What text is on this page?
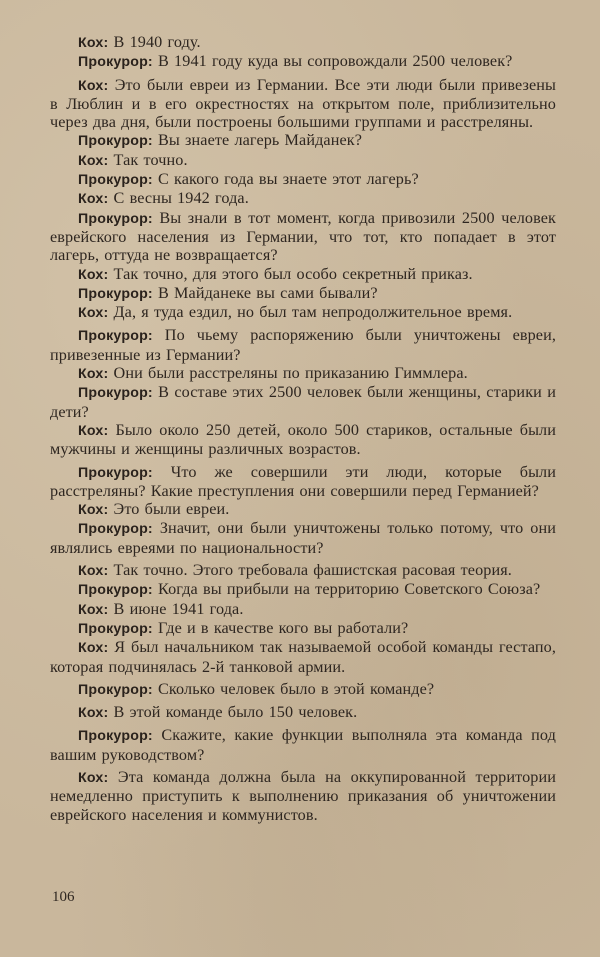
Кох: В 1940 году.

Прокурор: В 1941 году куда вы сопровождали 2500 человек?

Кох: Это были евреи из Германии. Все эти люди были привезены в Люблин и в его окрестностях на открытом поле, приблизительно через два дня, были построены большими группами и расстреляны.

Прокурор: Вы знаете лагерь Майданек?

Кох: Так точно.

Прокурор: С какого года вы знаете этот лагерь?

Кох: С весны 1942 года.

Прокурор: Вы знали в тот момент, когда привозили 2500 человек еврейского населения из Германии, что тот, кто попадает в этот лагерь, оттуда не возвращается?

Кох: Так точно, для этого был особо секретный приказ.

Прокурор: В Майданеке вы сами бывали?

Кох: Да, я туда ездил, но был там непродолжительное время.

Прокурор: По чьему распоряжению были уничтожены евреи, привезенные из Германии?

Кох: Они были расстреляны по приказанию Гиммлера.

Прокурор: В составе этих 2500 человек были женщины, старики и дети?

Кох: Было около 250 детей, около 500 стариков, остальные были мужчины и женщины различных возрастов.

Прокурор: Что же совершили эти люди, которые были расстреляны? Какие преступления они совершили перед Германией?

Кох: Это были евреи.

Прокурор: Значит, они были уничтожены только потому, что они являлись евреями по национальности?

Кох: Так точно. Этого требовала фашистская расовая теория.

Прокурор: Когда вы прибыли на территорию Советского Союза?

Кох: В июне 1941 года.

Прокурор: Где и в качестве кого вы работали?

Кох: Я был начальником так называемой особой команды гестапо, которая подчинялась 2-й танковой армии.

Прокурор: Сколько человек было в этой команде?

Кох: В этой команде было 150 человек.

Прокурор: Скажите, какие функции выполняла эта команда под вашим руководством?

Кох: Эта команда должна была на оккупированной территории немедленно приступить к выполнению приказания об уничтожении еврейского населения и коммунистов.

106
